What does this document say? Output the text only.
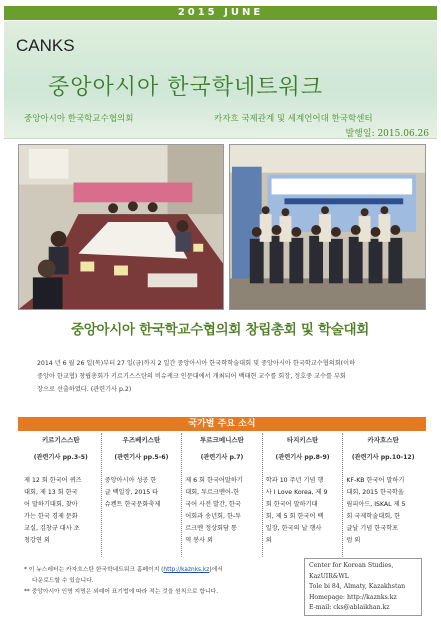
2015 JUNE
CANKS
중앙아시아 한국학네트워크
중앙아시아 한국학교수협의회	카자흐 국제관계 및 세계언어대 한국학센터
발행일: 2015.06.26
중앙아시아 한국학교수협의회 창립총회 및 학술대회
2014 년 6 월 26 일(목)부터 27 일(금)까지 2 일간 중앙아시아 한국학학술대회 및 중앙아시아 한국학교수협의회(이하
중앙아 한교협) 창립총회가 키르기스스탄의 비슈케크 인문대에서 개최되어 백태현 교수를 회장, 정호중 교수를 부회
장으로 선출하였다. (관련기사 p.2)
국가별 주요 소식
키르기스스탄
(관련기사 pp.3-5)
제 12 회 한국어 퀴즈
대회, 제 13 회 한국
어 말하기대회, 찾아
가는 한국 경제 문화
교실, 김창규 대사 초
청강연 외
우즈베키스탄
(관련기사 pp.5-6)
중앙아시아 성공 한
글 백일장, 2015 타
슈켄트 한국문화축제
투르크메니스탄
(관련기사 p.7)
제 6 회 한국어말하기
대회, 투르크멘어-한
국어 사전 발간, 한국
어회과 송년회, 한-투
르크멘 정상회담 통
역 봉사 외
타지키스탄
(관련기사 pp.8-9)
학과 10 주년 기념 행
사 I Love Korea, 제 9
회 한국어 말하기대
회, 제 5 회 한국어 백
일장, 한국의 날 행사
외
카자흐스탄
(관련기사 pp.10-12)
KF-KB 한국어 말하기
대회, 2015 한국학올
림피아드, ISKAL 제 5
회 국제학술대회, 한
글날 기념 한국학포
럼 외
* 이 뉴스레터는 카자흐스탄 한국학네트워크 홈페이지 (http://kaznks.kz)에서
다운로드할 수 있습니다.
** 중앙아시아 인명 지명은 외래어 표기법에 따라 적는 것을 원칙으로 합니다.
Center for Korean Studies,
KazUIR&WL
Tole bi 84, Almaty, Kazakhstan
Homepage: http://kaznks.kz
E-mail: cks@ablaikhan.kz
